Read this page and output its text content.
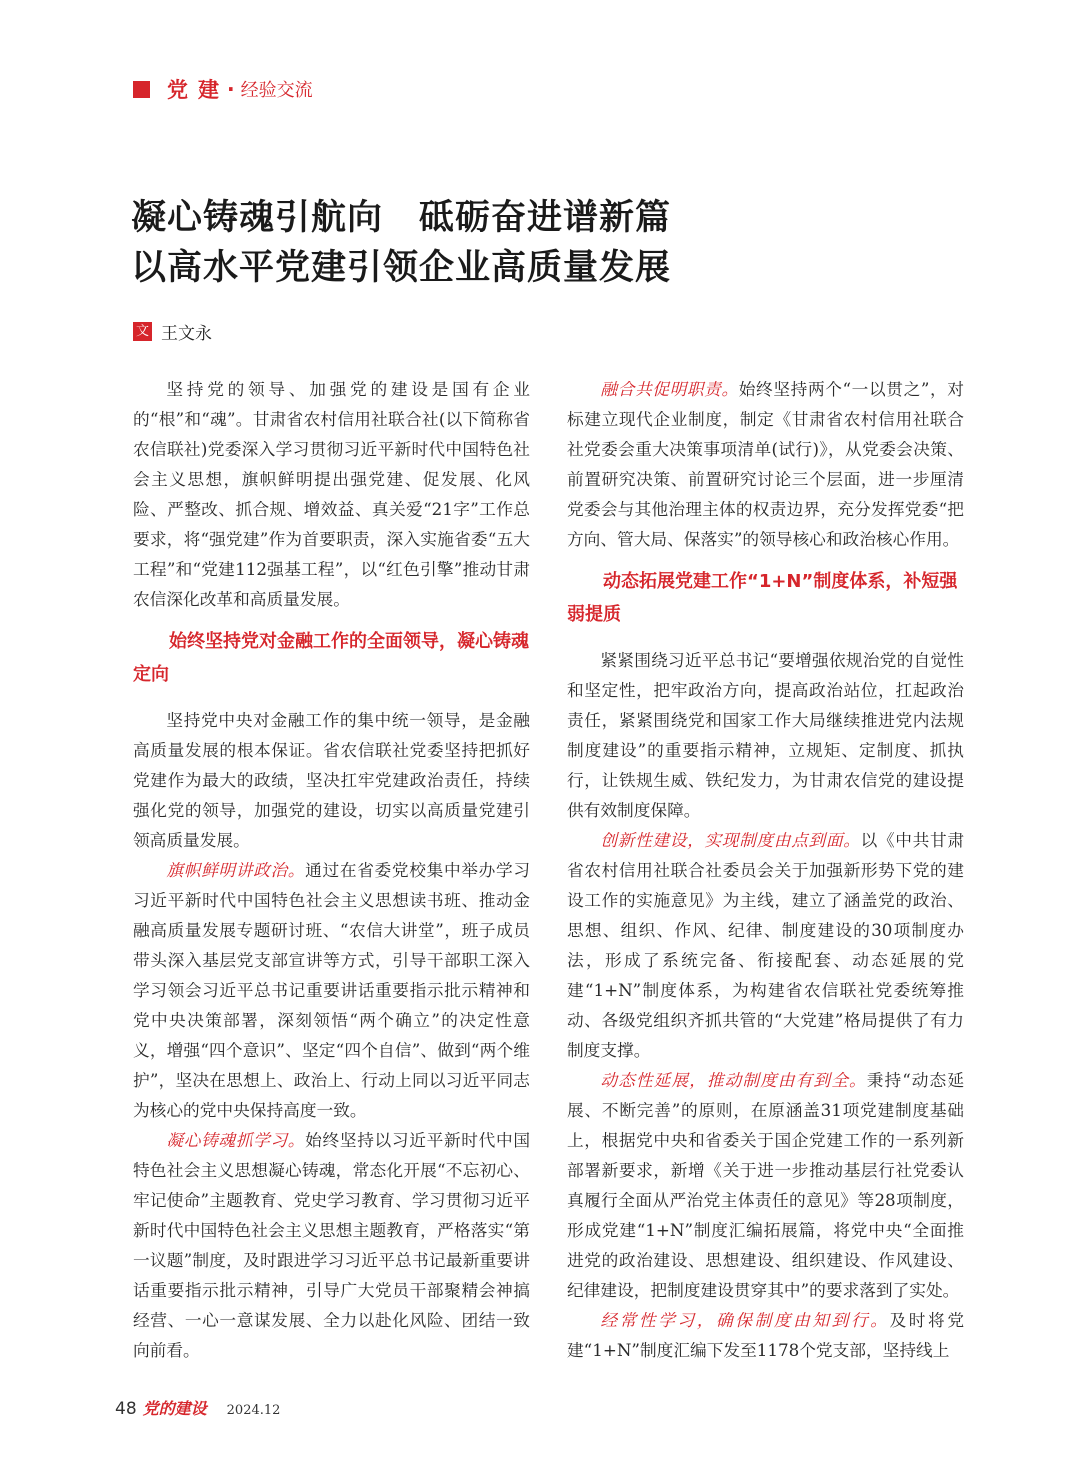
党建
· 经验交流
凝心铸魂引航向　砥砺奋进谱新篇
以高水平党建引领企业高质量发展
文 王文永

坚持党的领导、加强党的建设是国有企业的“根”和“魂”。甘肃省农村信用社联合社(以下简称省农信联社)党委深入学习贯彻习近平新时代中国特色社会主义思想，旗帜鲜明提出强党建、促发展、化风险、严整改、抓合规、增效益、真关爱“21字”工作总要求，将“强党建”作为首要职责，深入实施省委“五大工程”和“党建112强基工程”，以“红色引擎”推动甘肃农信深化改革和高质量发展。

始终坚持党对金融工作的全面领导，凝心铸魂定向

坚持党中央对金融工作的集中统一领导，是金融高质量发展的根本保证。省农信联社党委坚持把抓好党建作为最大的政绩，坚决扛牢党建政治责任，持续强化党的领导，加强党的建设，切实以高质量党建引领高质量发展。

旗帜鲜明讲政治。通过在省委党校集中举办学习习近平新时代中国特色社会主义思想读书班、推动金融高质量发展专题研讨班、“农信大讲堂”，班子成员带头深入基层党支部宣讲等方式，引导干部职工深入学习领会习近平总书记重要讲话重要指示批示精神和党中央决策部署，深刻领悟“两个确立”的决定性意义，增强“四个意识”、坚定“四个自信”、做到“两个维护”，坚决在思想上、政治上、行动上同以习近平同志为核心的党中央保持高度一致。

凝心铸魂抓学习。始终坚持以习近平新时代中国特色社会主义思想凝心铸魂，常态化开展“不忘初心、牢记使命”主题教育、党史学习教育、学习贯彻习近平新时代中国特色社会主义思想主题教育，严格落实“第一议题”制度，及时跟进学习习近平总书记最新重要讲话重要指示批示精神，引导广大党员干部聚精会神搞经营、一心一意谋发展、全力以赴化风险、团结一致向前看。

融合共促明职责。始终坚持两个“一以贯之”，对标建立现代企业制度，制定《甘肃省农村信用社联合社党委会重大决策事项清单(试行)》，从党委会决策、前置研究决策、前置研究讨论三个层面，进一步厘清党委会与其他治理主体的权责边界，充分发挥党委“把方向、管大局、保落实”的领导核心和政治核心作用。

动态拓展党建工作“1+N”制度体系，补短强弱提质

紧紧围绕习近平总书记“要增强依规治党的自觉性和坚定性，把牢政治方向，提高政治站位，扛起政治责任，紧紧围绕党和国家工作大局继续推进党内法规制度建设”的重要指示精神，立规矩、定制度、抓执行，让铁规生威、铁纪发力，为甘肃农信党的建设提供有效制度保障。

创新性建设，实现制度由点到面。以《中共甘肃省农村信用社联合社委员会关于加强新形势下党的建设工作的实施意见》为主线，建立了涵盖党的政治、思想、组织、作风、纪律、制度建设的30项制度办法，形成了系统完备、衔接配套、动态延展的党建“1+N”制度体系，为构建省农信联社党委统筹推动、各级党组织齐抓共管的“大党建”格局提供了有力制度支撑。

动态性延展，推动制度由有到全。秉持“动态延展、不断完善”的原则，在原涵盖31项党建制度基础上，根据党中央和省委关于国企党建工作的一系列新部署新要求，新增《关于进一步推动基层行社党委认真履行全面从严治党主体责任的意见》等28项制度，形成党建“1+N”制度汇编拓展篇，将党中央“全面推进党的政治建设、思想建设、组织建设、作风建设、纪律建设，把制度建设贯穿其中”的要求落到了实处。

经常性学习，确保制度由知到行。及时将党建“1+N”制度汇编下发至1178个党支部，坚持线上

48 党的建设 2024.12
